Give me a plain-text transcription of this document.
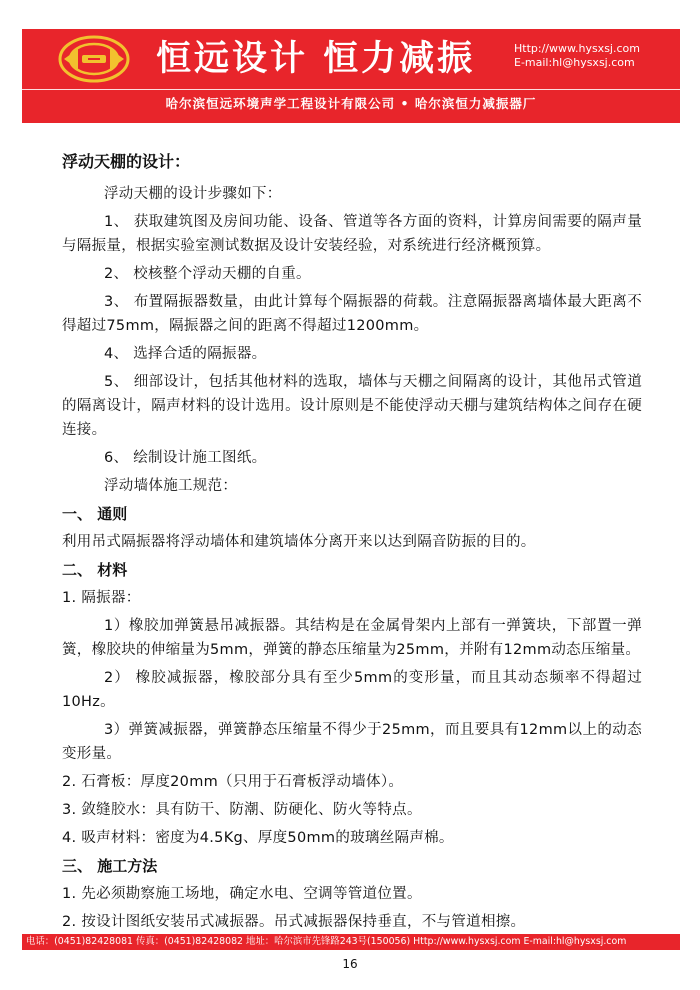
恒远设计 恒力减振	Http://www.hysxsj.com
E-mail:hl@hysxsj.com
哈尔滨恒远环境声学工程设计有限公司 • 哈尔滨恒力减振器厂
浮动天棚的设计：
浮动天棚的设计步骤如下：
1、 获取建筑图及房间功能、设备、管道等各方面的资料，计算房间需要的隔声量与隔振量，根据实验室测试数据及设计安装经验，对系统进行经济概预算。
2、 校核整个浮动天棚的自重。
3、 布置隔振器数量，由此计算每个隔振器的荷载。注意隔振器离墙体最大距离不得超过75mm，隔振器之间的距离不得超过1200mm。
4、 选择合适的隔振器。
5、 细部设计，包括其他材料的选取，墙体与天棚之间隔离的设计，其他吊式管道的隔离设计，隔声材料的设计选用。设计原则是不能使浮动天棚与建筑结构体之间存在硬连接。
6、 绘制设计施工图纸。
浮动墙体施工规范：
一、 通则
利用吊式隔振器将浮动墙体和建筑墙体分离开来以达到隔音防振的目的。
二、 材料
1. 隔振器：
1）橡胶加弹簧悬吊减振器。其结构是在金属骨架内上部有一弹簧块，下部置一弹簧，橡胶块的伸缩量为5mm，弹簧的静态压缩量为25mm，并附有12mm动态压缩量。
2） 橡胶减振器，橡胶部分具有至少5mm的变形量，而且其动态频率不得超过10Hz。
3）弹簧减振器，弹簧静态压缩量不得少于25mm，而且要具有12mm以上的动态变形量。
2. 石膏板：厚度20mm（只用于石膏板浮动墙体）。
3. 敛缝胶水：具有防干、防潮、防硬化、防火等特点。
4. 吸声材料：密度为4.5Kg、厚度50mm的玻璃丝隔声棉。
三、 施工方法
1. 先必须勘察施工场地，确定水电、空调等管道位置。
2. 按设计图纸安装吊式减振器。吊式减振器保持垂直，不与管道相擦。
电话：(0451)82428081 传真：(0451)82428082 地址：哈尔滨市先锋路243号(150056) Http://www.hysxsj.com E-mail:hl@hysxsj.com
16
